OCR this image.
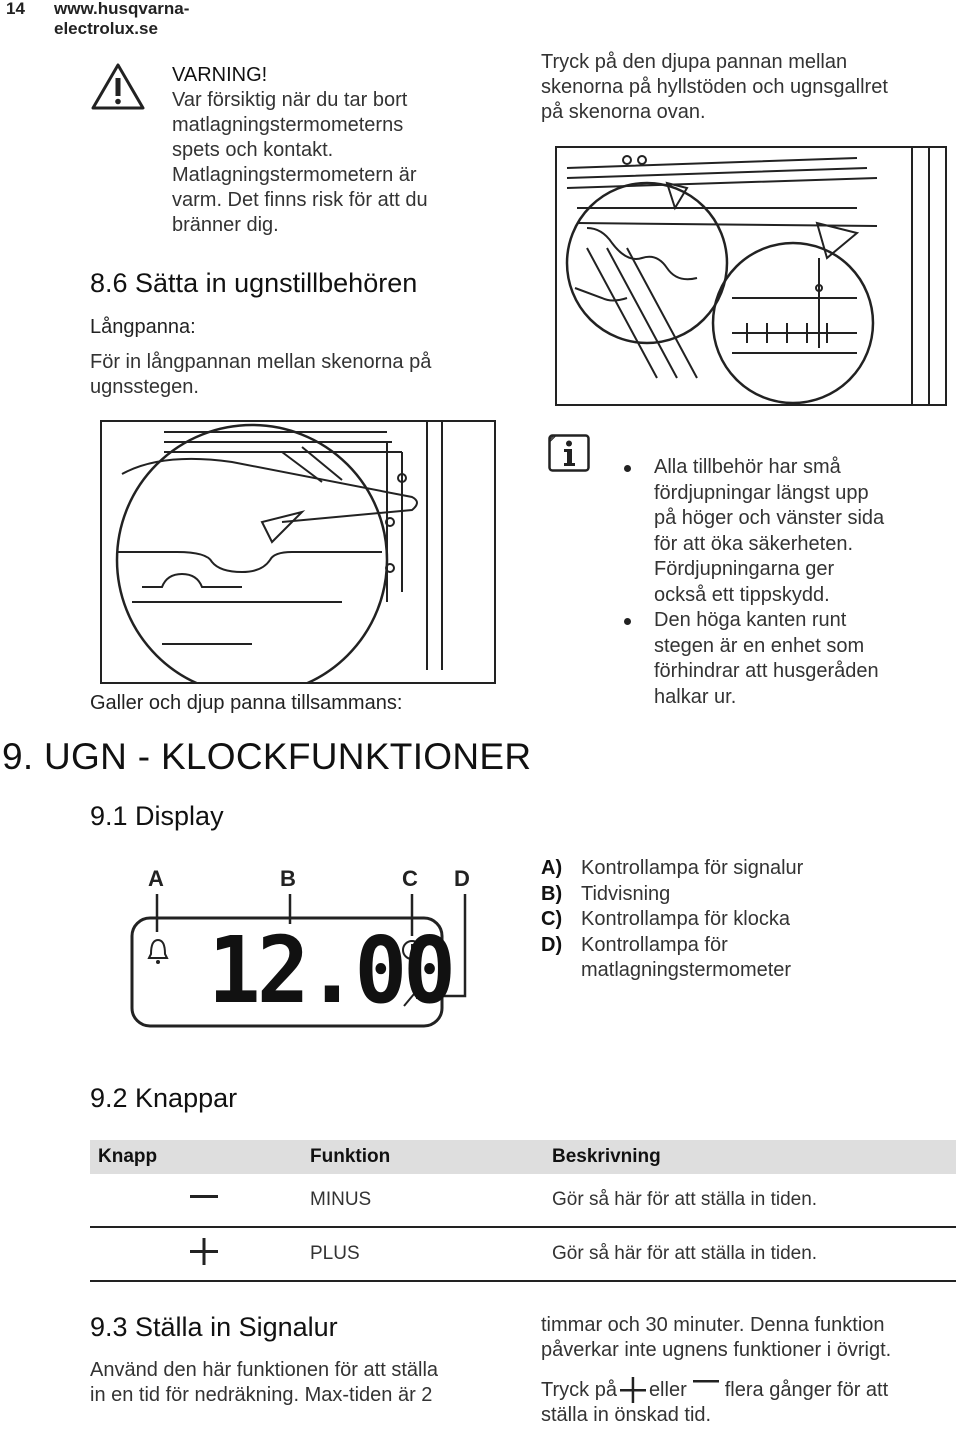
14 www.husqvarna-electrolux.se
VARNING!
Var försiktig när du tar bort
matlagningstermometerns
spets och kontakt.
Matlagningstermometern är
varm. Det finns risk för att du
bränner dig.
8.6 Sätta in ugnstillbehören
Långpanna:
För in långpannan mellan skenorna på
ugnsstegen.
Galler och djup panna tillsammans:
Tryck på den djupa pannan mellan
skenorna på hyllstöden och ugnsgallret
på skenorna ovan.
Alla tillbehör har små
fördjupningar längst upp
på höger och vänster sida
för att öka säkerheten.
Fördjupningarna ger
också ett tippskydd.
Den höga kanten runt
stegen är en enhet som
förhindrar att husgeråden
halkar ur.
9. UGN - KLOCKFUNKTIONER
9.1 Display
A	B	C D
12.00
A) Kontrollampa för signalur
B) Tidvisning
C) Kontrollampa för klocka
D) Kontrollampa för
matlagningstermometer
9.2 Knappar
Knapp	Funktion	Beskrivning
	MINUS	Gör så här för att ställa in tiden.
	PLUS	Gör så här för att ställa in tiden.
9.3 Ställa in Signalur
Använd den här funktionen för att ställa
in en tid för nedräkning. Max-tiden är 2
timmar och 30 minuter. Denna funktion
påverkar inte ugnens funktioner i övrigt.
Tryck på eller flera gånger för att
ställa in önskad tid.
